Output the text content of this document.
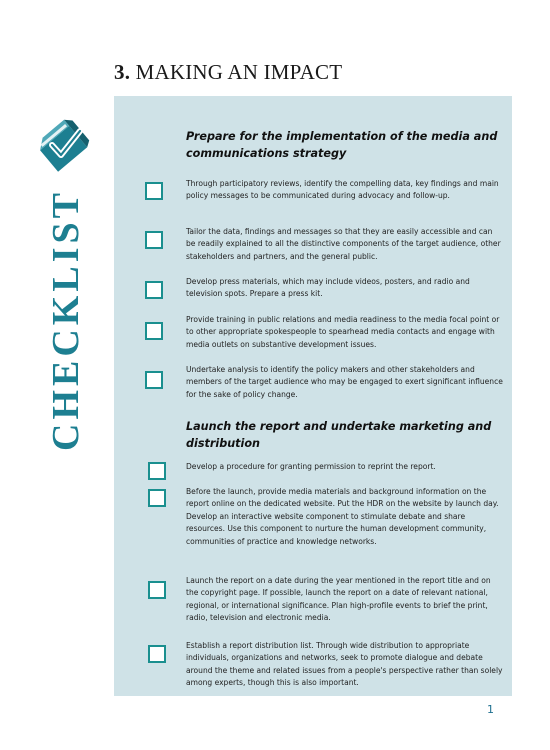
3. MAKING AN IMPACT
CHECKLIST
Prepare for the implementation of the media and communications strategy
Through participatory reviews, identify the compelling data, key findings and main policy messages to be communicated during advocacy and follow-up.
Tailor the data, findings and messages so that they are easily accessible and can be readily explained to all the distinctive components of the target audience, other stakeholders and partners, and the general public.
Develop press materials, which may include videos, posters, and radio and television spots. Prepare a press kit.
Provide training in public relations and media readiness to the media focal point or to other appropriate spokespeople to spearhead media contacts and engage with media outlets on substantive development issues.
Undertake analysis to identify the policy makers and other stakeholders and members of the target audience who may be engaged to exert significant influence for the sake of policy change.
Launch the report and undertake marketing and distribution
Develop a procedure for granting permission to reprint the report.
Before the launch, provide media materials and background information on the report online on the dedicated website. Put the HDR on the website by launch day. Develop an interactive website component to stimulate debate and share resources. Use this component to nurture the human development community, communities of practice and knowledge networks.
Launch the report on a date during the year mentioned in the report title and on the copyright page. If possible, launch the report on a date of relevant national, regional, or international significance. Plan high-profile events to brief the print, radio, television and electronic media.
Establish a report distribution list. Through wide distribution to appropriate individuals, organizations and networks, seek to promote dialogue and debate around the theme and related issues from a people's perspective rather than solely among experts, though this is also important.
1
